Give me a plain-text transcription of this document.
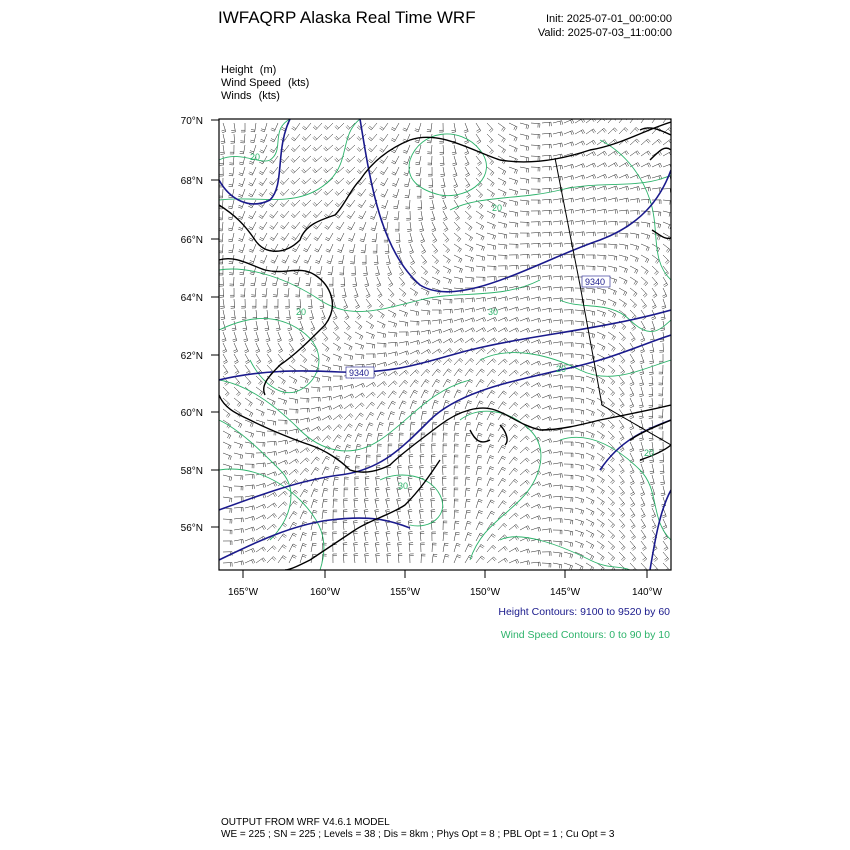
IWFAQRP Alaska Real Time WRF	Init: 2025-07-01_00:00:00
Valid: 2025-07-03_11:00:00
Height (m)
Wind Speed (kts)
Winds (kts)
70°N
68°N
66°N
64°N
62°N
60°N
58°N
56°N
165°W	160°W	155°W	150°W	145°W	140°W
9340
9340
20
20
20	30
20
30
20
Height Contours: 9100 to 9520 by 60
Wind Speed Contours: 0 to 90 by 10
OUTPUT FROM WRF V4.6.1 MODEL
WE = 225 ; SN = 225 ; Levels = 38 ; Dis = 8km ; Phys Opt = 8 ; PBL Opt = 1 ; Cu Opt = 3
